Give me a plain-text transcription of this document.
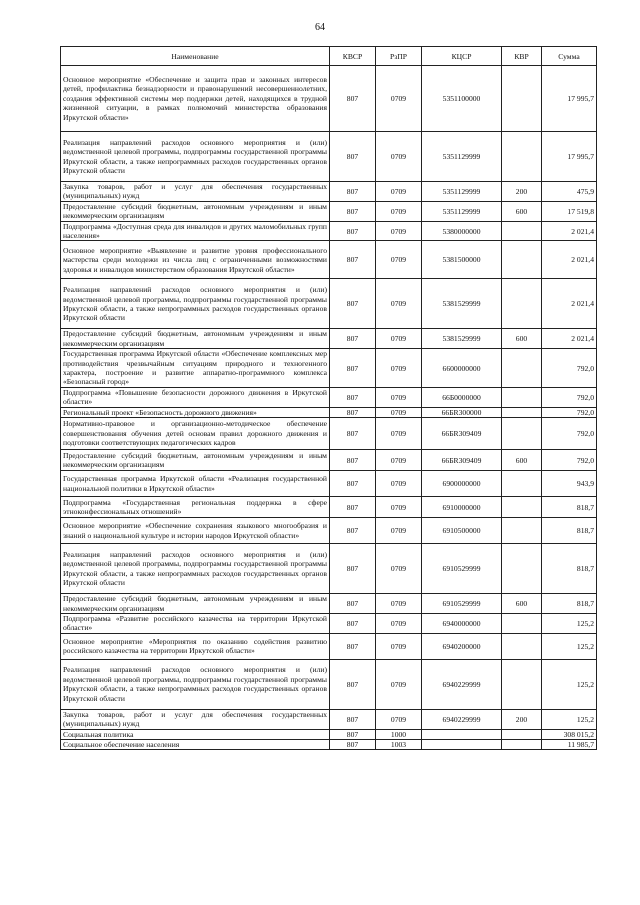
64
Наименование	КВСР	РзПР	КЦСР	КВР	Сумма
Основное мероприятие «Обеспечение и защита прав и законных интересов детей, профилактика безнадзорности и правонарушений несовершеннолетних, создания эффективной системы мер поддержки детей, находящихся в трудной жизненной ситуации, в рамках полномочий министерства образования Иркутской области»	807	0709	5351100000		17 995,7
Реализация направлений расходов основного мероприятия и (или) ведомственной целевой программы, подпрограммы государственной программы Иркутской области, а также непрограммных расходов государственных органов Иркутской области	807	0709	5351129999		17 995,7
Закупка товаров, работ и услуг для обеспечения государственных (муниципальных) нужд	807	0709	5351129999	200	475,9
Предоставление субсидий бюджетным, автономным учреждениям и иным некоммерческим организациям	807	0709	5351129999	600	17 519,8
Подпрограмма «Доступная среда для инвалидов и других маломобильных групп населения»	807	0709	5380000000		2 021,4
Основное мероприятие «Выявление и развитие уровня профессионального мастерства среди молодежи из числа лиц с ограниченными возможностями здоровья и инвалидов министерством образования Иркутской области»	807	0709	5381500000		2 021,4
Реализация направлений расходов основного мероприятия и (или) ведомственной целевой программы, подпрограммы государственной программы Иркутской области, а также непрограммных расходов государственных органов Иркутской области	807	0709	5381529999		2 021,4
Предоставление субсидий бюджетным, автономным учреждениям и иным некоммерческим организациям	807	0709	5381529999	600	2 021,4
Государственная программа Иркутской области «Обеспечение комплексных мер противодействия чрезвычайным ситуациям природного и техногенного характера, построение и развитие аппаратно-программного комплекса «Безопасный город»	807	0709	6600000000		792,0
Подпрограмма «Повышение безопасности дорожного движения в Иркутской области»	807	0709	66Б0000000		792,0
Региональный проект «Безопасность дорожного движения»	807	0709	66БR300000		792,0
Нормативно-правовое и организационно-методическое обеспечение совершенствования обучения детей основам правил дорожного движения и подготовки соответствующих педагогических кадров	807	0709	66БR309409		792,0
Предоставление субсидий бюджетным, автономным учреждениям и иным некоммерческим организациям	807	0709	66БR309409	600	792,0
Государственная программа Иркутской области «Реализация государственной национальной политики в Иркутской области»	807	0709	6900000000		943,9
Подпрограмма «Государственная региональная поддержка в сфере этноконфессиональных отношений»	807	0709	6910000000		818,7
Основное мероприятие «Обеспечение сохранения языкового многообразия и знаний о национальной культуре и истории народов Иркутской области»	807	0709	6910500000		818,7
Реализация направлений расходов основного мероприятия и (или) ведомственной целевой программы, подпрограммы государственной программы Иркутской области, а также непрограммных расходов государственных органов Иркутской области	807	0709	6910529999		818,7
Предоставление субсидий бюджетным, автономным учреждениям и иным некоммерческим организациям	807	0709	6910529999	600	818,7
Подпрограмма «Развитие российского казачества на территории Иркутской области»	807	0709	6940000000		125,2
Основное мероприятие «Мероприятия по оказанию содействия развитию российского казачества на территории Иркутской области»	807	0709	6940200000		125,2
Реализация направлений расходов основного мероприятия и (или) ведомственной целевой программы, подпрограммы государственной программы Иркутской области, а также непрограммных расходов государственных органов Иркутской области	807	0709	6940229999		125,2
Закупка товаров, работ и услуг для обеспечения государственных (муниципальных) нужд	807	0709	6940229999	200	125,2
Социальная политика	807	1000			308 015,2
Социальное обеспечение населения	807	1003			11 985,7
